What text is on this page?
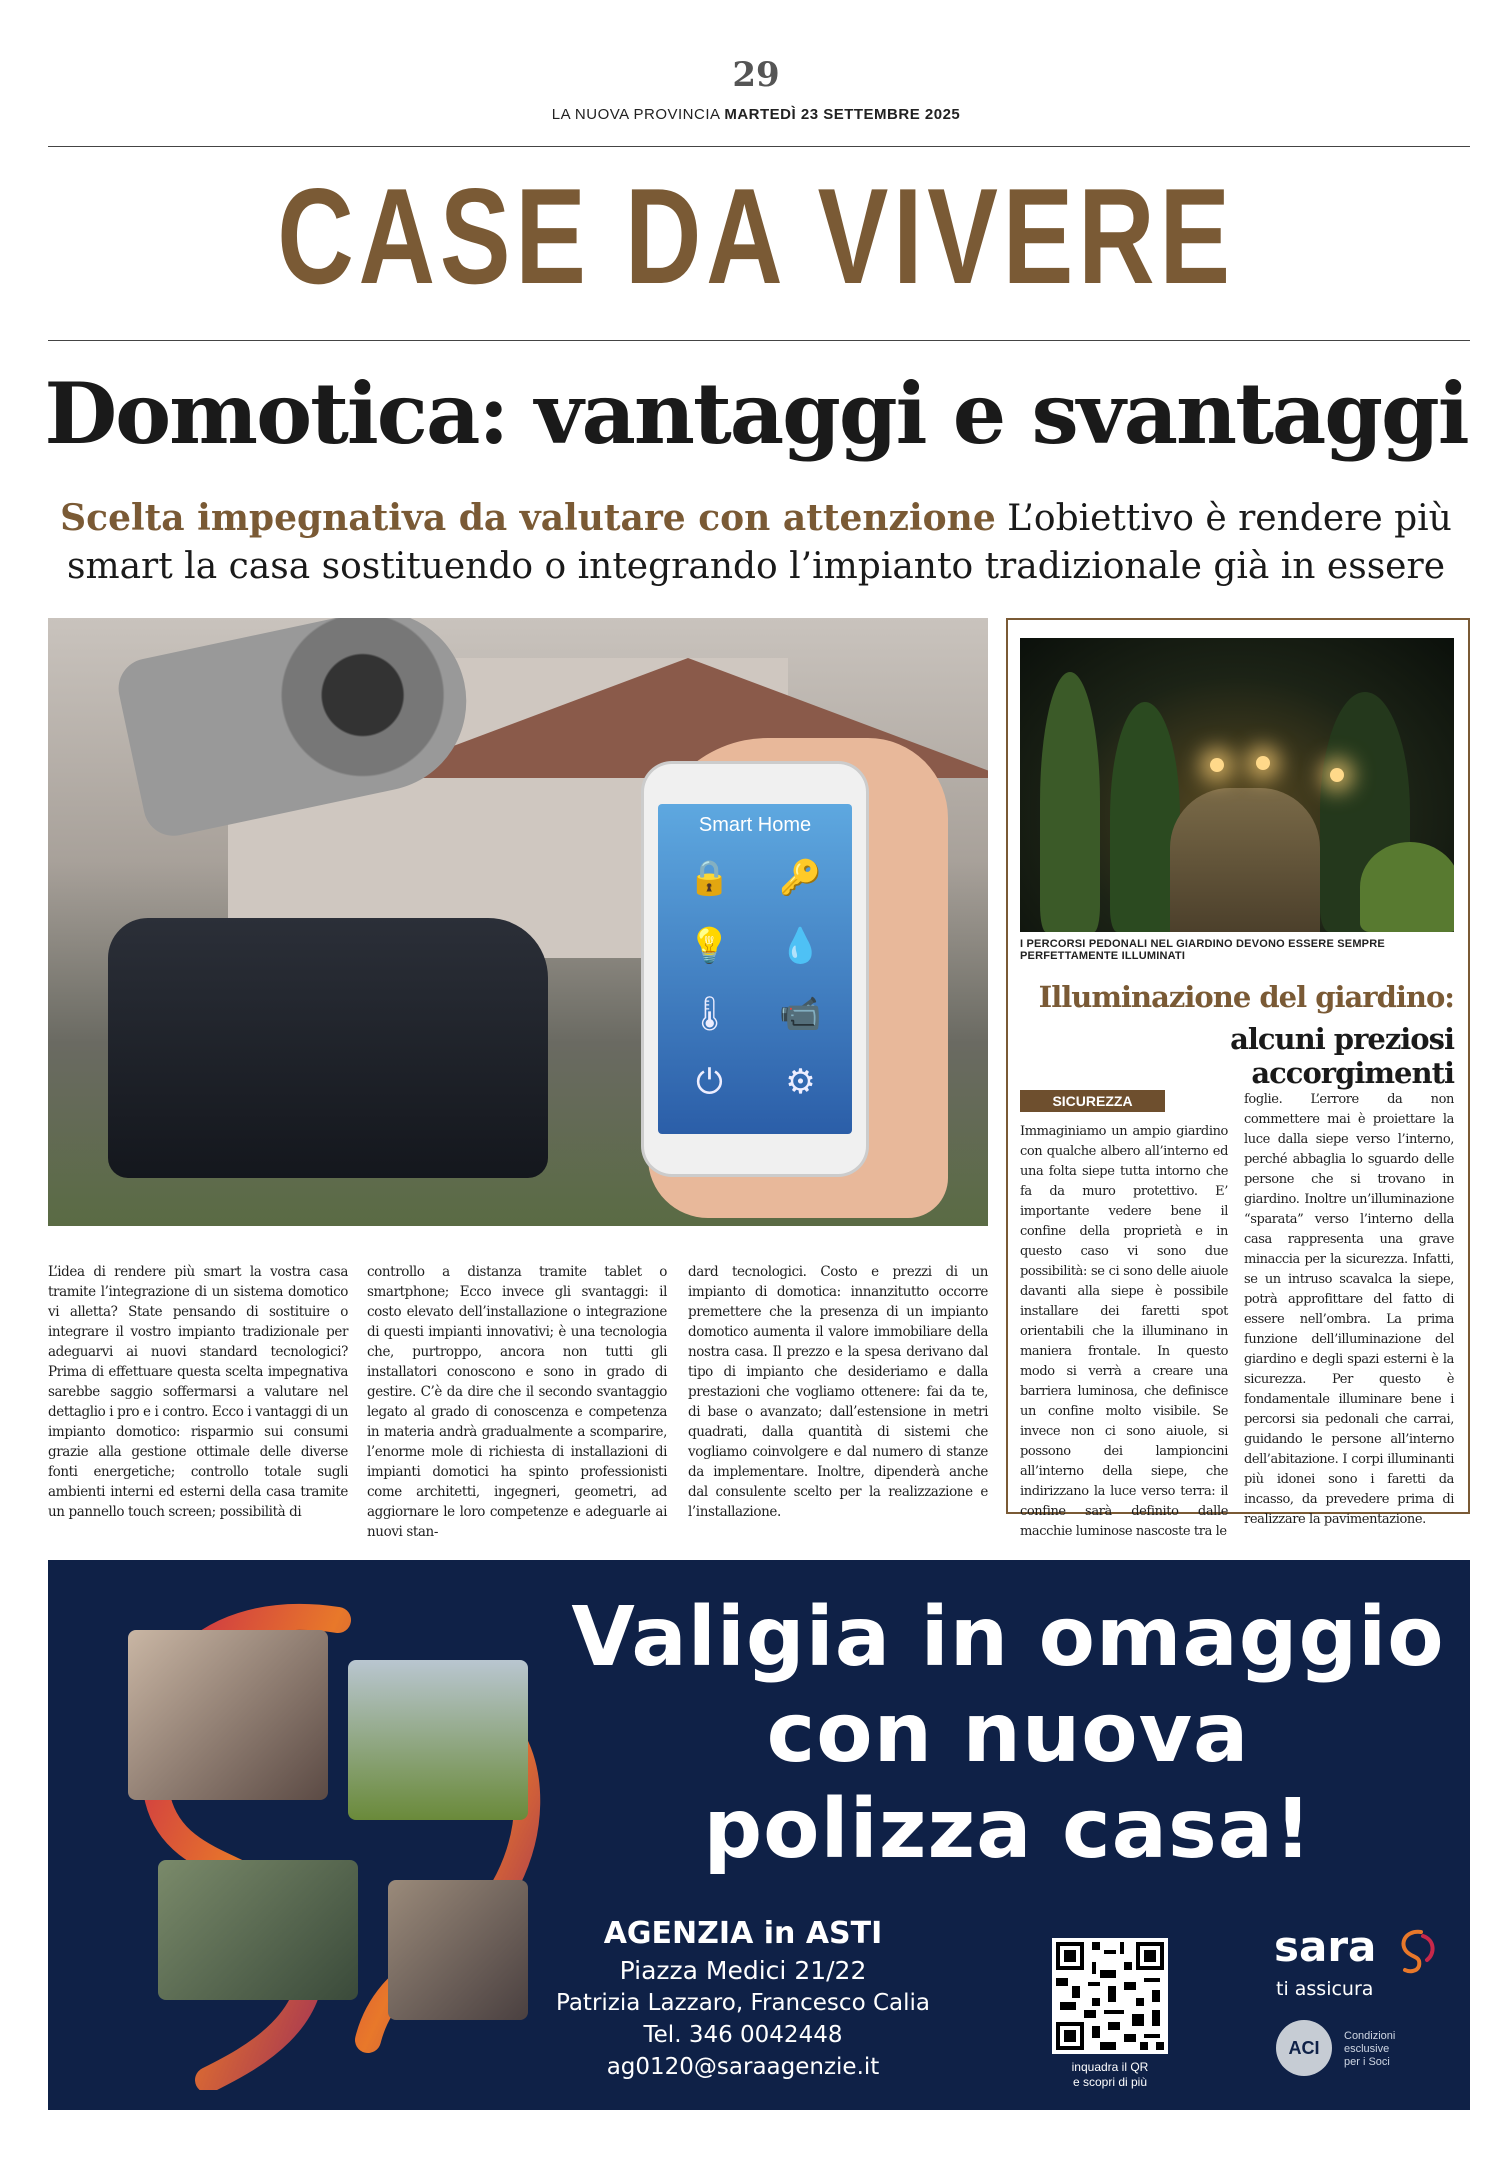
29
LA NUOVA PROVINCIA MARTEDÌ 23 SETTEMBRE 2025
CASE DA VIVERE
Domotica: vantaggi e svantaggi
Scelta impegnativa da valutare con attenzione L’obiettivo è rendere più smart la casa sostituendo o integrando l’impianto tradizionale già in essere
Smart Home
🔒	🔑
💡	💧
🌡	📹
⏻	⚙
L’idea di rendere più smart la vostra casa tramite l’integrazione di un sistema domotico vi alletta? State pensando di sostituire o integrare il vostro impianto tradizionale per adeguarvi ai nuovi standard tecnologici? Prima di effettuare questa scelta impegnativa sarebbe saggio soffermarsi a valutare nel dettaglio i pro e i contro. Ecco i vantaggi di un impianto domotico: risparmio sui consumi grazie alla gestione ottimale delle diverse fonti energetiche; controllo totale sugli ambienti interni ed esterni della casa tramite un pannello touch screen; possibilità di
controllo a distanza tramite tablet o smartphone; Ecco invece gli svantaggi: il costo elevato dell’installazione o integrazione di questi impianti innovativi; è una tecnologia che, purtroppo, ancora non tutti gli installatori conoscono e sono in grado di gestire. C’è da dire che il secondo svantaggio legato al grado di conoscenza e competenza in materia andrà gradualmente a scomparire, l’enorme mole di richiesta di installazioni di impianti domotici ha spinto professionisti come architetti, ingegneri, geometri, ad aggiornare le loro competenze e adeguarle ai nuovi stan-
dard tecnologici. Costo e prezzi di un impianto di domotica: innanzitutto occorre premettere che la presenza di un impianto domotico aumenta il valore immobiliare della nostra casa. Il prezzo e la spesa derivano dal tipo di impianto che desideriamo e dalla prestazioni che vogliamo ottenere: fai da te, di base o avanzato; dall’estensione in metri quadrati, dalla quantità di sistemi che vogliamo coinvolgere e dal numero di stanze da implementare. Inoltre, dipenderà anche dal consulente scelto per la realizzazione e l’installazione.
I PERCORSI PEDONALI NEL GIARDINO DEVONO ESSERE SEMPRE PERFETTAMENTE ILLUMINATI
Illuminazione del giardino:
alcuni preziosi accorgimenti
SICUREZZA
Immaginiamo un ampio giardino con qualche albero all’interno ed una folta siepe tutta intorno che fa da muro protettivo. E’ importante vedere bene il confine della proprietà e in questo caso vi sono due possibilità: se ci sono delle aiuole davanti alla siepe è possibile installare dei faretti spot orientabili che la illuminano in maniera frontale. In questo modo si verrà a creare una barriera luminosa, che definisce un confine molto visibile. Se invece non ci sono aiuole, si possono dei lampioncini all’interno della siepe, che indirizzano la luce verso terra: il confine sarà definito dalle macchie luminose nascoste tra le
foglie. L’errore da non commettere mai è proiettare la luce dalla siepe verso l’interno, perché abbaglia lo sguardo delle persone che si trovano in giardino. Inoltre un’illuminazione “sparata” verso l’interno della casa rappresenta una grave minaccia per la sicurezza. Infatti, se un intruso scavalca la siepe, potrà approfittare del fatto di essere nell’ombra. La prima funzione dell’illuminazione del giardino e degli spazi esterni è la sicurezza. Per questo è fondamentale illuminare bene i percorsi sia pedonali che carrai, guidando le persone all’interno dell’abitazione. I corpi illuminanti più idonei sono i faretti da incasso, da prevedere prima di realizzare la pavimentazione.
Valigia in omaggio
con nuova
polizza casa!
AGENZIA in ASTI
Piazza Medici 21/22
Patrizia Lazzaro, Francesco Calia
Tel. 346 0042448
ag0120@saraagenzie.it	inquadra il QR
e scopri di più
sara
ti assicura
ACI
Condizioni
esclusive
per i Soci
